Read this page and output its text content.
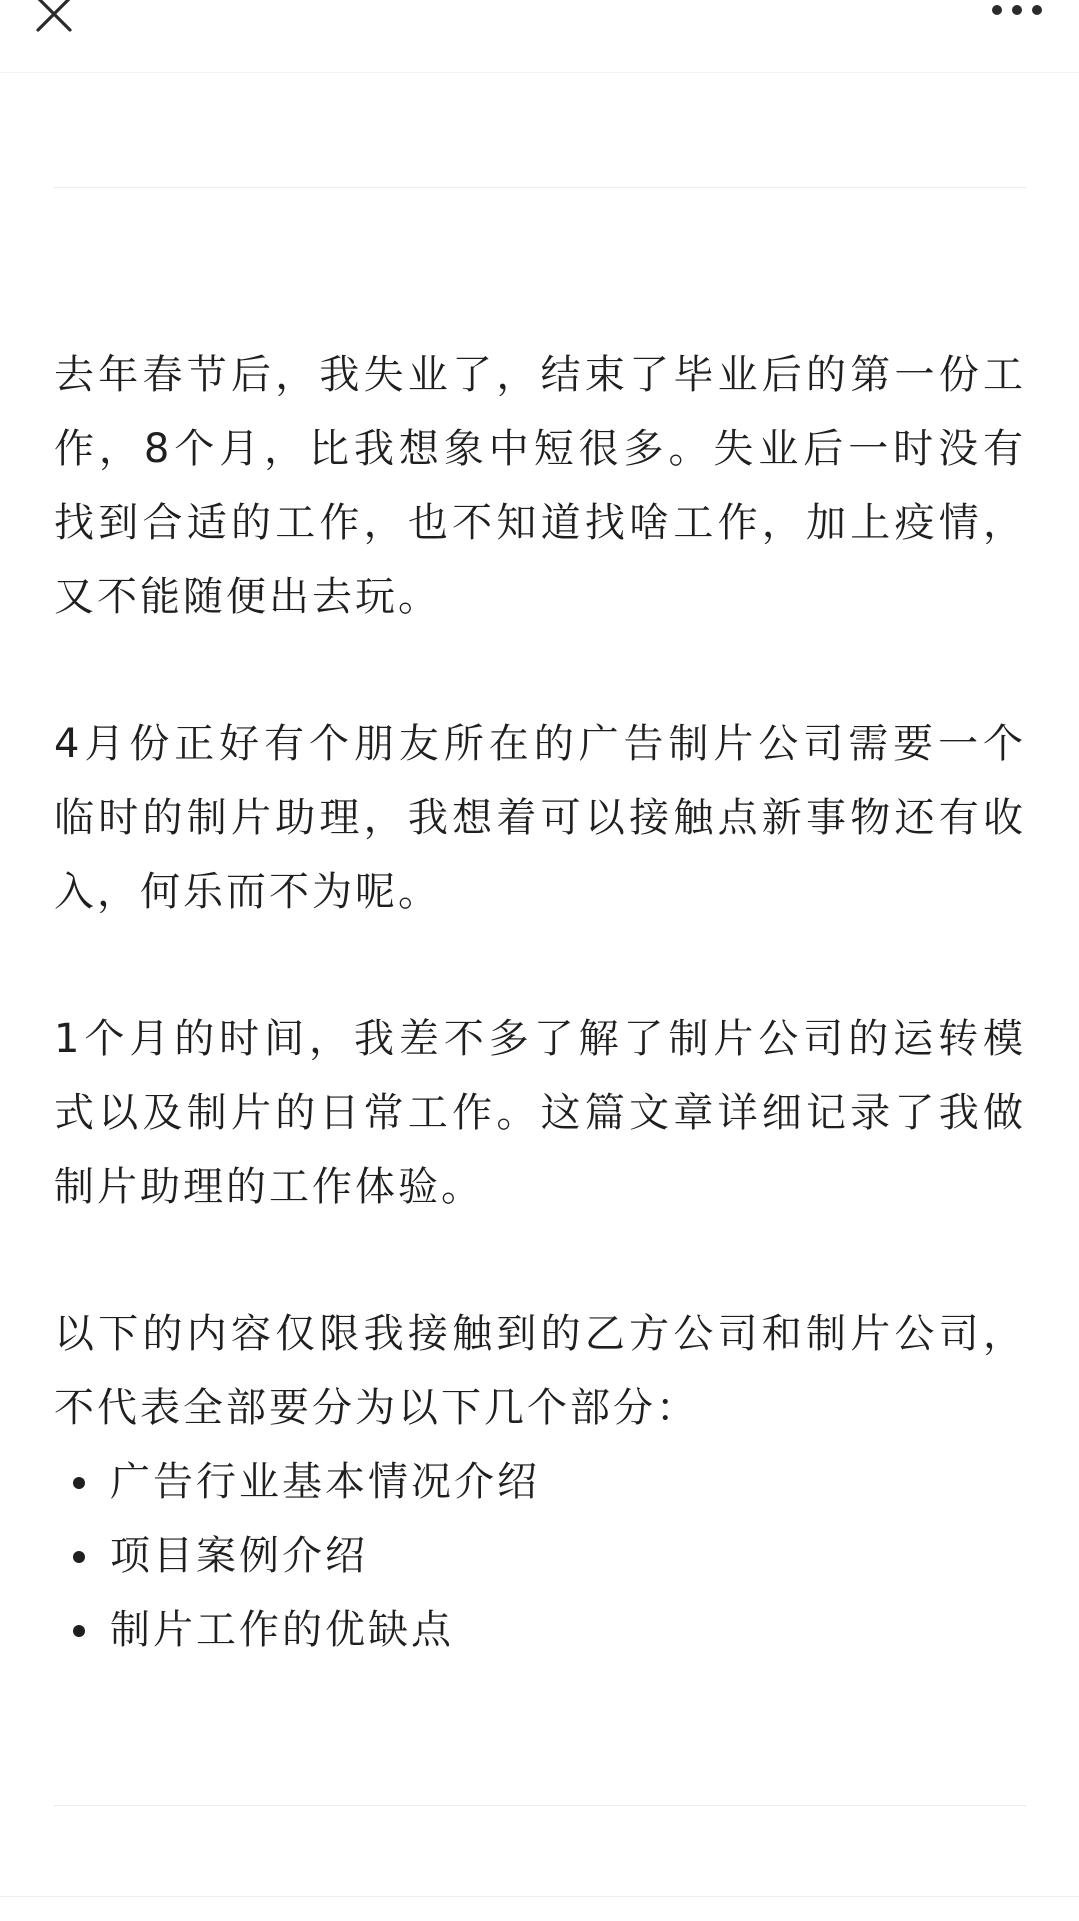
去年春节后，我失业了，结束了毕业后的第一份工作，8个月，比我想象中短很多。失业后一时没有找到合适的工作，也不知道找啥工作，加上疫情，又不能随便出去玩。

4月份正好有个朋友所在的广告制片公司需要一个临时的制片助理，我想着可以接触点新事物还有收入，何乐而不为呢。

1个月的时间，我差不多了解了制片公司的运转模式以及制片的日常工作。这篇文章详细记录了我做制片助理的工作体验。

以下的内容仅限我接触到的乙方公司和制片公司，不代表全部要分为以下几个部分：

广告行业基本情况介绍
项目案例介绍
制片工作的优缺点
